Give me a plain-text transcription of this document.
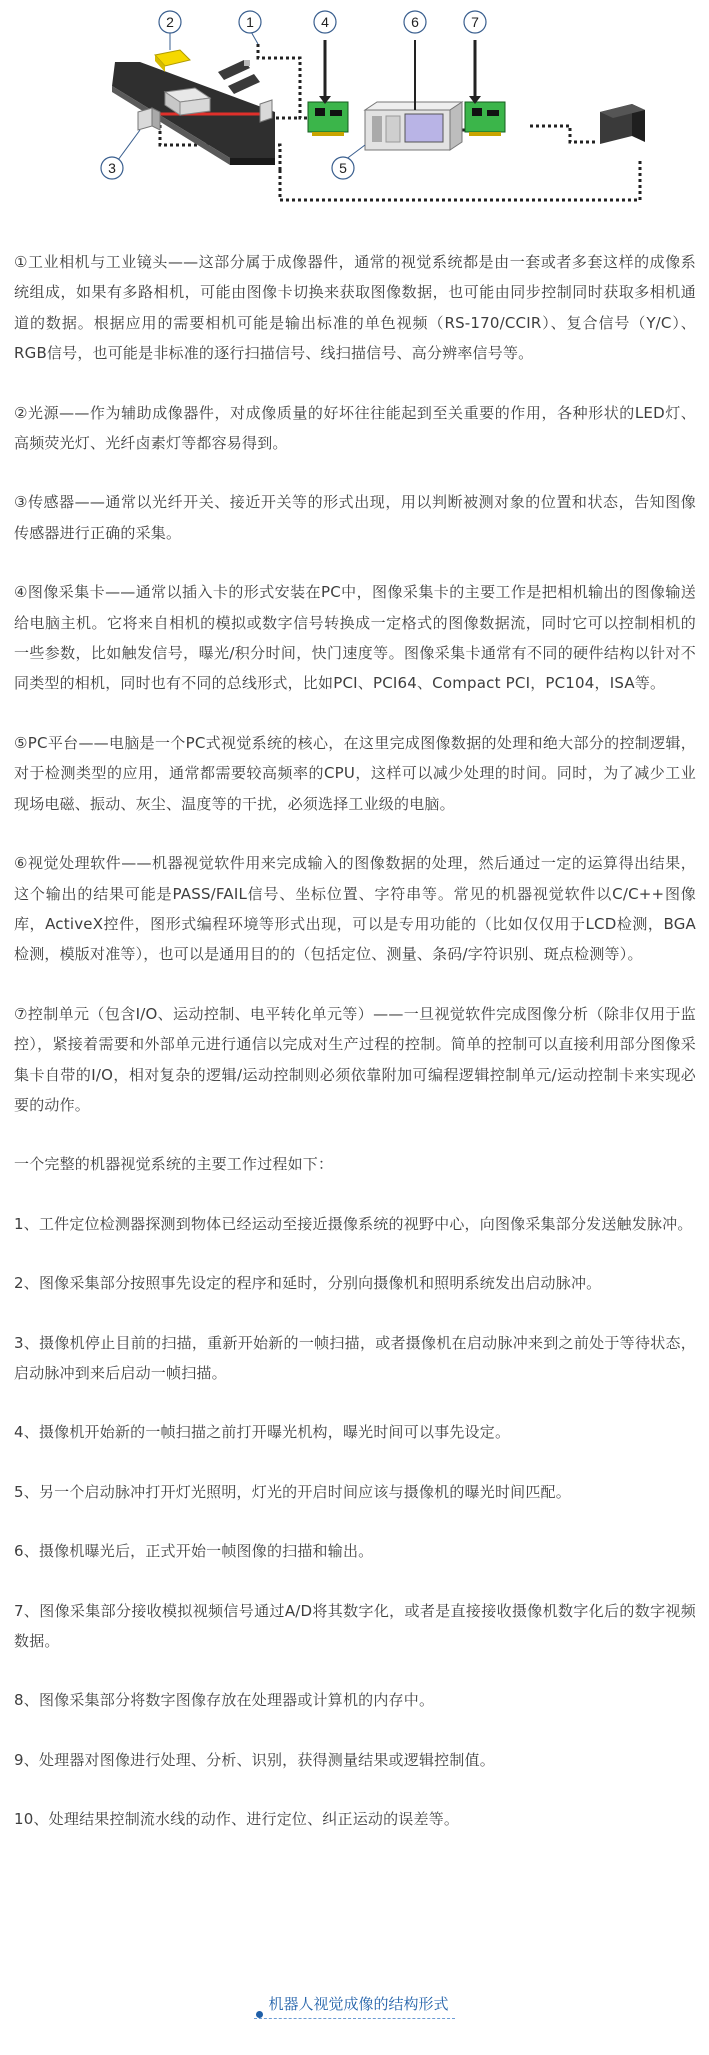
1
2
3
4
5
6	7

①工业相机与工业镜头——这部分属于成像器件，通常的视觉系统都是由一套或者多套这样的成像系统组成，如果有多路相机，可能由图像卡切换来获取图像数据，也可能由同步控制同时获取多相机通道的数据。根据应用的需要相机可能是输出标准的单色视频（RS-170/CCIR）、复合信号（Y/C）、RGB信号，也可能是非标准的逐行扫描信号、线扫描信号、高分辨率信号等。

②光源——作为辅助成像器件，对成像质量的好坏往往能起到至关重要的作用，各种形状的LED灯、高频荧光灯、光纤卤素灯等都容易得到。

③传感器——通常以光纤开关、接近开关等的形式出现，用以判断被测对象的位置和状态，告知图像传感器进行正确的采集。

④图像采集卡——通常以插入卡的形式安装在PC中，图像采集卡的主要工作是把相机输出的图像输送给电脑主机。它将来自相机的模拟或数字信号转换成一定格式的图像数据流，同时它可以控制相机的一些参数，比如触发信号，曝光/积分时间，快门速度等。图像采集卡通常有不同的硬件结构以针对不同类型的相机，同时也有不同的总线形式，比如PCI、PCI64、Compact PCI，PC104，ISA等。

⑤PC平台——电脑是一个PC式视觉系统的核心，在这里完成图像数据的处理和绝大部分的控制逻辑，对于检测类型的应用，通常都需要较高频率的CPU，这样可以减少处理的时间。同时，为了减少工业现场电磁、振动、灰尘、温度等的干扰，必须选择工业级的电脑。

⑥视觉处理软件——机器视觉软件用来完成输入的图像数据的处理，然后通过一定的运算得出结果，这个输出的结果可能是PASS/FAIL信号、坐标位置、字符串等。常见的机器视觉软件以C/C++图像库，ActiveX控件，图形式编程环境等形式出现，可以是专用功能的（比如仅仅用于LCD检测，BGA检测，模版对准等），也可以是通用目的的（包括定位、测量、条码/字符识别、斑点检测等）。

⑦控制单元（包含I/O、运动控制、电平转化单元等）——一旦视觉软件完成图像分析（除非仅用于监控），紧接着需要和外部单元进行通信以完成对生产过程的控制。简单的控制可以直接利用部分图像采集卡自带的I/O，相对复杂的逻辑/运动控制则必须依靠附加可编程逻辑控制单元/运动控制卡来实现必要的动作。

一个完整的机器视觉系统的主要工作过程如下：

1、工件定位检测器探测到物体已经运动至接近摄像系统的视野中心，向图像采集部分发送触发脉冲。

2、图像采集部分按照事先设定的程序和延时，分别向摄像机和照明系统发出启动脉冲。

3、摄像机停止目前的扫描，重新开始新的一帧扫描，或者摄像机在启动脉冲来到之前处于等待状态，启动脉冲到来后启动一帧扫描。

4、摄像机开始新的一帧扫描之前打开曝光机构，曝光时间可以事先设定。

5、另一个启动脉冲打开灯光照明，灯光的开启时间应该与摄像机的曝光时间匹配。

6、摄像机曝光后，正式开始一帧图像的扫描和输出。

7、图像采集部分接收模拟视频信号通过A/D将其数字化，或者是直接接收摄像机数字化后的数字视频数据。

8、图像采集部分将数字图像存放在处理器或计算机的内存中。

9、处理器对图像进行处理、分析、识别，获得测量结果或逻辑控制值。

10、处理结果控制流水线的动作、进行定位、纠正运动的误差等。

机器人视觉成像的结构形式
